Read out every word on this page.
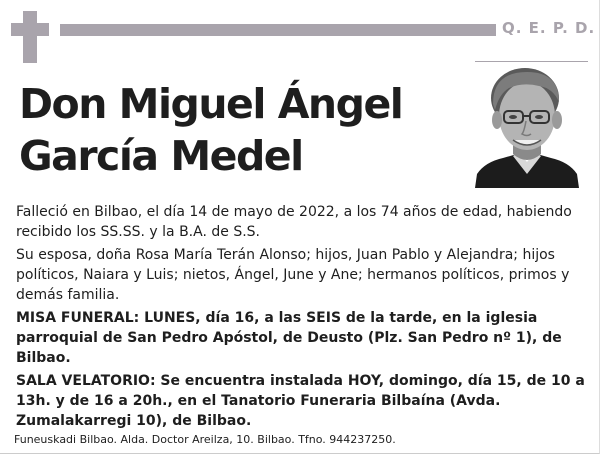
Q. E. P. D.
Don Miguel Ángel
García Medel

Falleció en Bilbao, el día 14 de mayo de 2022, a los 74 años de edad, habiendo recibido los SS.SS. y la B.A. de S.S.

Su esposa, doña Rosa María Terán Alonso; hijos, Juan Pablo y Alejandra; hijos políticos, Naiara y Luis; nietos, Ángel, June y Ane; hermanos políticos, primos y demás familia.

MISA FUNERAL: LUNES, día 16, a las SEIS de la tarde, en la iglesia parroquial de San Pedro Apóstol, de Deusto (Plz. San Pedro nº 1), de Bilbao.

SALA VELATORIO: Se encuentra instalada HOY, domingo, día 15, de 10 a 13h. y de 16 a 20h., en el Tanatorio Funeraria Bilbaína (Avda. Zumalakarregi 10), de Bilbao.

Funeuskadi Bilbao. Alda. Doctor Areilza, 10. Bilbao. Tfno. 944237250.
